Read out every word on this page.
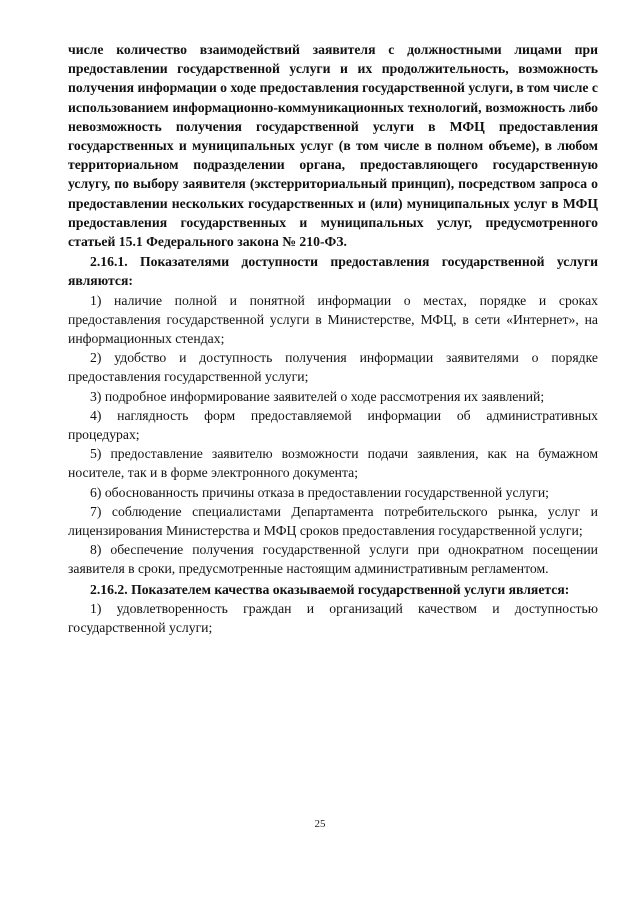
числе количество взаимодействий заявителя с должностными лицами при предоставлении государственной услуги и их продолжительность, возможность получения информации о ходе предоставления государственной услуги, в том числе с использованием информационно-коммуникационных технологий, возможность либо невозможность получения государственной услуги в МФЦ предоставления государственных и муниципальных услуг (в том числе в полном объеме), в любом территориальном подразделении органа, предоставляющего государственную услугу, по выбору заявителя (экстерриториальный принцип), посредством запроса о предоставлении нескольких государственных и (или) муниципальных услуг в МФЦ предоставления государственных и муниципальных услуг, предусмотренного статьей 15.1 Федерального закона № 210-ФЗ.

2.16.1. Показателями доступности предоставления государственной услуги являются:

1) наличие полной и понятной информации о местах, порядке и сроках предоставления государственной услуги в Министерстве, МФЦ, в сети «Интернет», на информационных стендах;

2) удобство и доступность получения информации заявителями о порядке предоставления государственной услуги;

3) подробное информирование заявителей о ходе рассмотрения их заявлений;

4) наглядность форм предоставляемой информации об административных процедурах;

5) предоставление заявителю возможности подачи заявления, как на бумажном носителе, так и в форме электронного документа;

6) обоснованность причины отказа в предоставлении государственной услуги;

7) соблюдение специалистами Департамента потребительского рынка, услуг и лицензирования Министерства и МФЦ сроков предоставления государственной услуги;

8) обеспечение получения государственной услуги при однократном посещении заявителя в сроки, предусмотренные настоящим административным регламентом.

2.16.2. Показателем качества оказываемой государственной услуги является:

1) удовлетворенность граждан и организаций качеством и доступностью государственной услуги;

25
